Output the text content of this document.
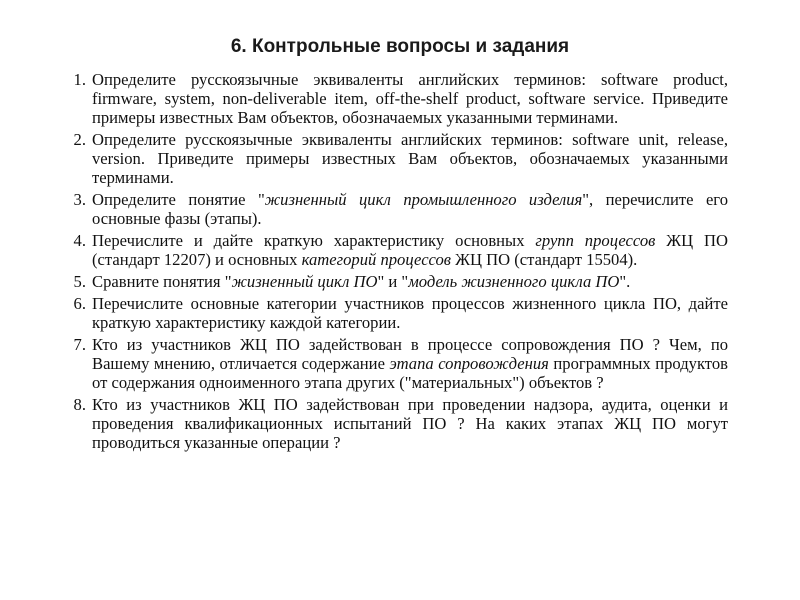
6. Контрольные вопросы и задания
1 . Определите русскоязычные эквиваленты английских терминов: software product, firmware, system, non-deliverable item, off-the-shelf product, software service. Приведите примеры известных Вам объектов, обозначаемых указанными терминами.
2 . Определите русскоязычные эквиваленты английских терминов: software unit, release, version. Приведите примеры известных Вам объектов, обозначаемых указанными терминами.
3 . Определите понятие "жизненный цикл промышленного изделия", перечислите его основные фазы (этапы).
4 . Перечислите и дайте краткую характеристику основных групп процессов ЖЦ ПО (стандарт 12207) и основных категорий процессов ЖЦ ПО (стандарт 15504).
5 . Сравните понятия "жизненный цикл ПО" и "модель жизненного цикла ПО".
6 . Перечислите основные категории участников процессов жизненного цикла ПО, дайте краткую характеристику каждой категории.
7 . Кто из участников ЖЦ ПО задействован в процессе сопровождения ПО ? Чем, по Вашему мнению, отличается содержание этапа сопровождения программных продуктов от содержания одноименного этапа других ("материальных") объектов ?
8 . Кто из участников ЖЦ ПО задействован при проведении надзора, аудита, оценки и проведения квалификационных испытаний ПО ? На каких этапах ЖЦ ПО могут проводиться указанные операции ?
